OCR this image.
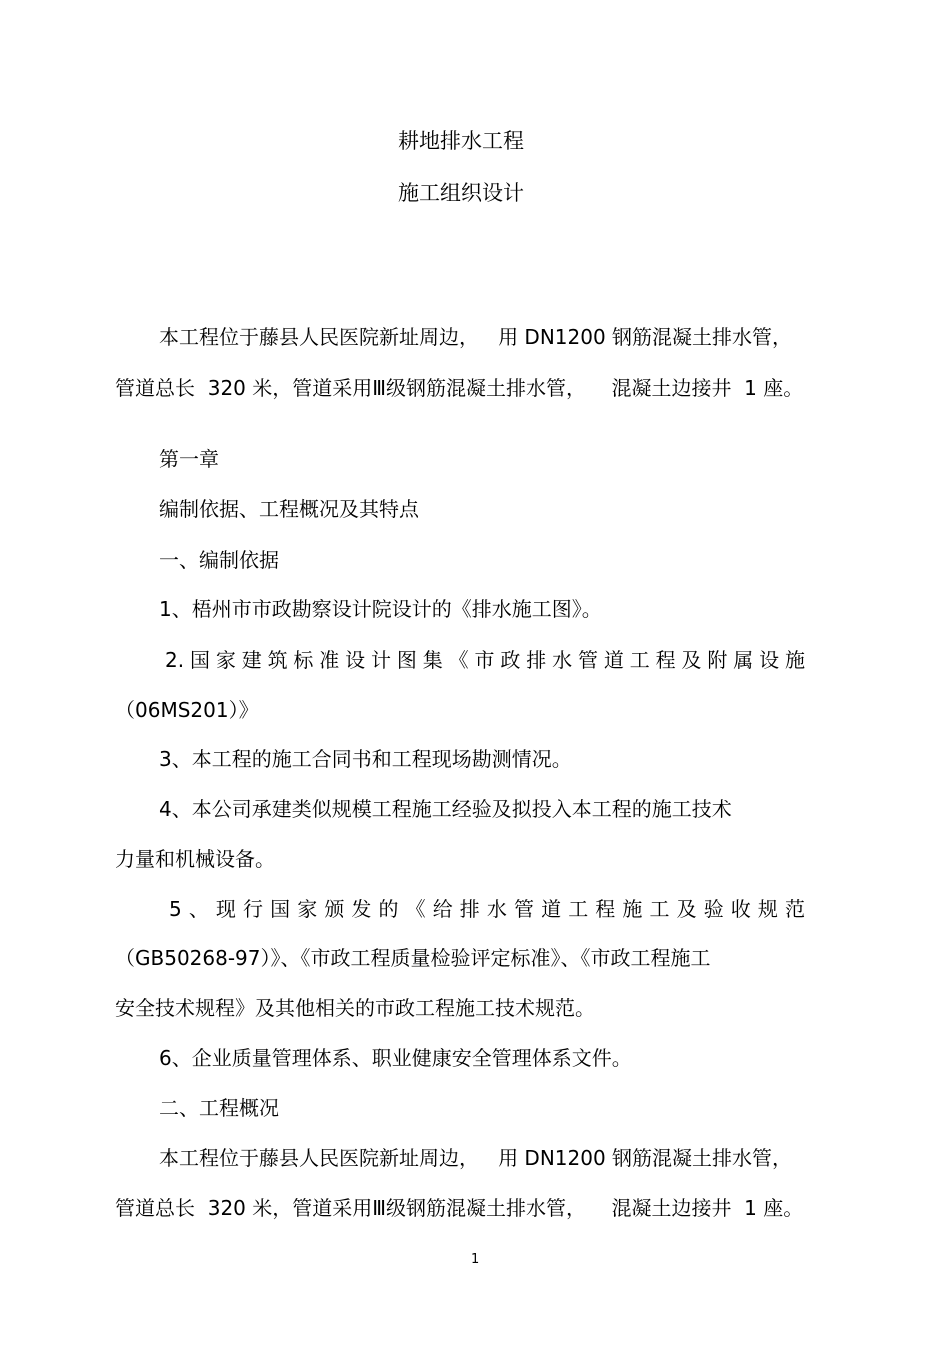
耕地排水工程
施工组织设计
本工程位于藤县人民医院新址周边，   用 DN1200 钢筋混凝土排水管，
管道总长  320 米，管道采用Ⅲ级钢筋混凝土排水管，    混凝土边接井  1 座。
第一章
编制依据、工程概况及其特点
一、编制依据
1、梧州市市政勘察设计院设计的《排水施工图》。
2.国家建筑标准设计图集《市政排水管道工程及附属设施
（06MS201）》
3、本工程的施工合同书和工程现场勘测情况。
4、本公司承建类似规模工程施工经验及拟投入本工程的施工技术
力量和机械设备。
5、现行国家颁发的《给排水管道工程施工及验收规范
（GB50268-97）》、《市政工程质量检验评定标准》、《市政工程施工
安全技术规程》及其他相关的市政工程施工技术规范。
6、企业质量管理体系、职业健康安全管理体系文件。
二、工程概况
本工程位于藤县人民医院新址周边，   用 DN1200 钢筋混凝土排水管，
管道总长  320 米，管道采用Ⅲ级钢筋混凝土排水管，    混凝土边接井  1 座。
1
